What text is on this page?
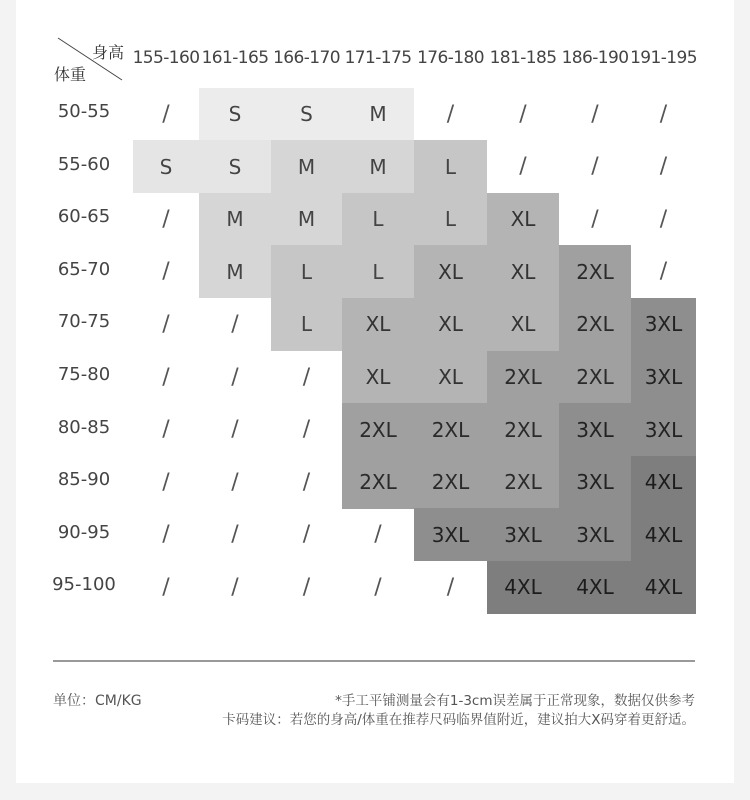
身高
体重
155-160 161-165 166-170 171-175 176-180 181-185 186-190 191-195
50-55	/	S	S	M	/	/	/	/
55-60	S	S	M	M	L	/	/	/
60-65	/	M	M	L	L	XL	/	/
65-70	/	M	L	L	XL	XL	2XL	/
70-75	/	/	L	XL	XL	XL	2XL	3XL
75-80	/	/	/	XL	XL	2XL	2XL	3XL
80-85	/	/	/	2XL	2XL	2XL	3XL	3XL
85-90	/	/	/	2XL	2XL	2XL	3XL	4XL
90-95	/	/	/	/	3XL	3XL	3XL	4XL
95-100	/	/	/	/	/	4XL	4XL	4XL
单位：CM/KG	*手工平铺测量会有1-3cm误差属于正常现象，数据仅供参考
卡码建议：若您的身高/体重在推荐尺码临界值附近，建议拍大X码穿着更舒适。
